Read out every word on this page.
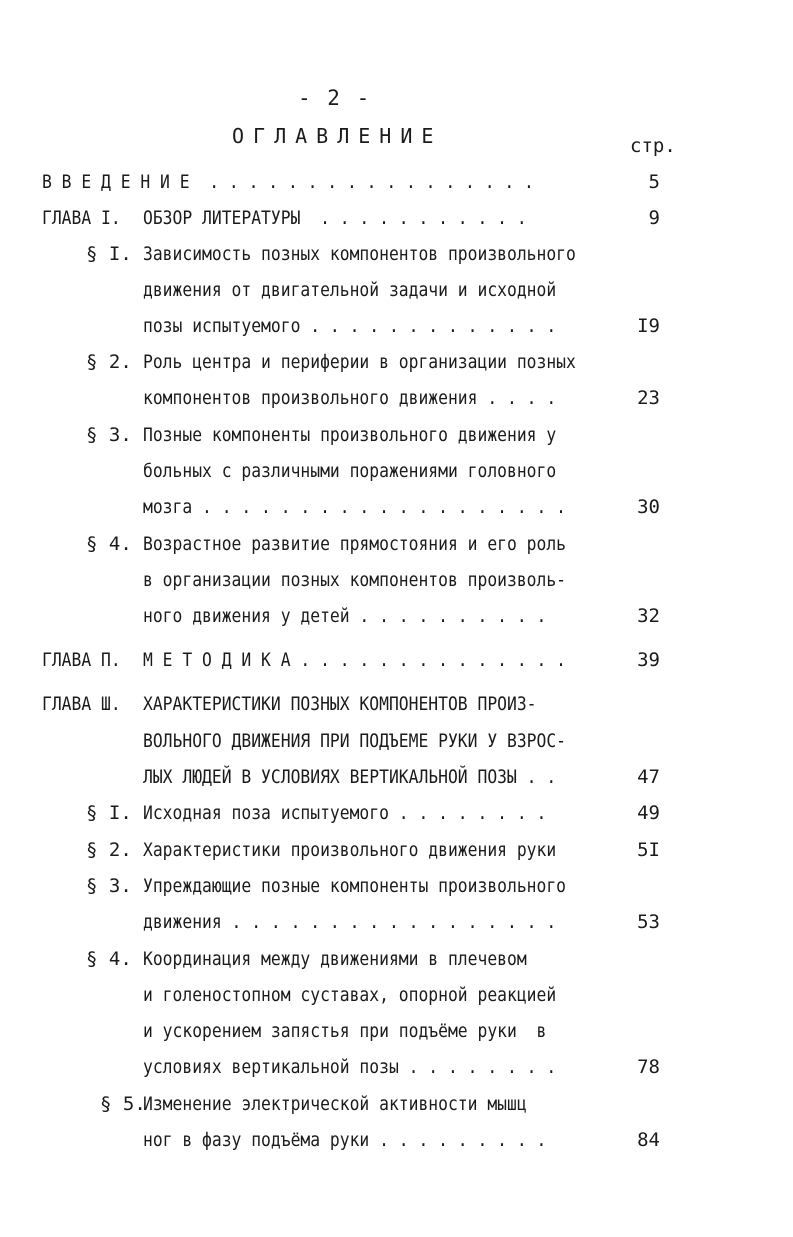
- 2 -
ОГЛАВЛЕНИЕ	стр.
В В Е Д Е Н И Е  . . . . . . . . . . . . . . . . .	5
ГЛАВА I.	ОБЗОР ЛИТЕРАТУРЫ  . . . . . . . . . . .	9
§ I. Зависимость позных компонентов произвольного
движения от двигательной задачи и исходной
позы испытуемого . . . . . . . . . . . . .	I9
§ 2. Роль центра и периферии в организации позных
компонентов произвольного движения . . . .	23
§ 3. Позные компоненты произвольного движения у
больных с различными поражениями головного
мозга . . . . . . . . . . . . . . . . . . .	30
§ 4. Возрастное развитие прямостояния и его роль
в организации позных компонентов произволь-
ного движения у детей . . . . . . . . . .	32
ГЛАВА П.	М Е Т О Д И К А . . . . . . . . . . . . . .	39
ГЛАВА Ш.	ХАРАКТЕРИСТИКИ ПОЗНЫХ КОМПОНЕНТОВ ПРОИЗ-
ВОЛЬНОГО ДВИЖЕНИЯ ПРИ ПОДЪЕМЕ РУКИ У ВЗРОС-
ЛЫХ ЛЮДЕЙ В УСЛОВИЯХ ВЕРТИКАЛЬНОЙ ПОЗЫ . .	47
§ I. Исходная поза испытуемого . . . . . . . .	49
§ 2. Характеристики произвольного движения руки	5I
§ 3. Упреждающие позные компоненты произвольного
движения . . . . . . . . . . . . . . . . .	53
§ 4. Координация между движениями в плечевом
и голеностопном суставах, опорной реакцией
и ускорением запястья при подъёме руки  в
условиях вертикальной позы . . . . . . . .	78
§ 5.
Изменение электрической активности мышц
ног в фазу подъёма руки . . . . . . . . .	84
